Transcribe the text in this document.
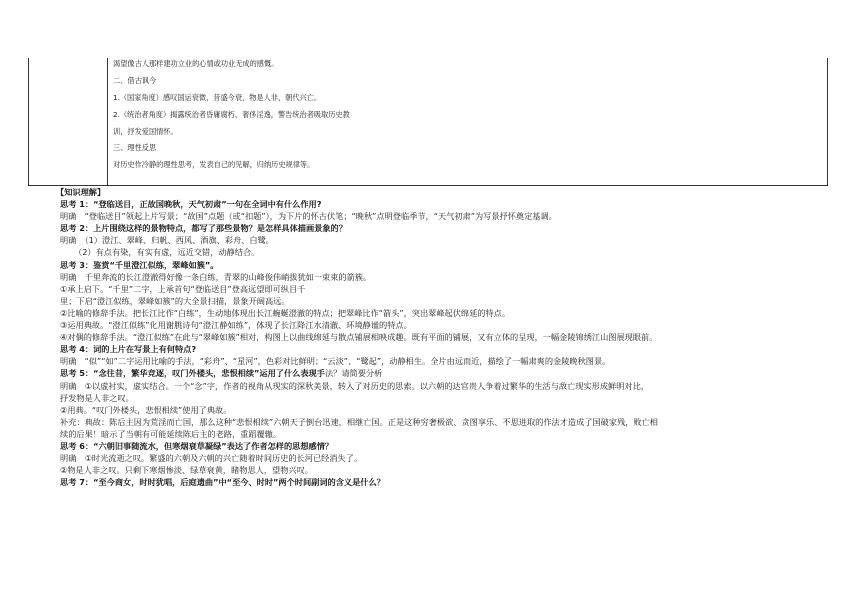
渴望像古人那样建功立业的心情或功业无成的感慨。
二、借古讽今
1.（国家角度）感叹国运衰微，昔盛今衰，物是人非，朝代兴亡。
2.（统治者角度）揭露统治者昏庸腐朽、奢侈淫逸，警告统治者吸取历史教
训，抒发爱国情怀。
三、理性反思
对历史作冷静的理性思考，发表自己的见解，归纳历史规律等。
【知识理解】
思考 1：“登临送目，正故国晚秋，天气初肃”一句在全词中有什么作用?
明确　“登临送目”领起上片写景；“故国”点题（或“扣题”），为下片的怀古伏笔；“晚秋”点明登临季节，“天气初肃”为写景抒怀奠定基调。
思考 2：上片围绕这样的景物特点，都写了那些景物？是怎样具体描画景象的？
明确　（1）澄江、翠峰、归帆、西风、酒旗、彩舟、白鹭。
（2）有点有染，有实有虚，远近交错，动静结合。
思考 3：鉴赏“千里澄江似练，翠峰如簇”。
明确　千里奔流的长江澄澈得好像一条白练，青翠的山峰俊伟峭拔犹如一束束的箭簇。
①承上启下。“千里”二字，上承首句“登临送目”登高远望即可纵目千
里；下启“澄江似练，翠峰如簇”的大全景扫描，景象开阔高远。
②比喻的修辞手法。把长江比作“白练”，生动地体现出长江蜿蜒澄澈的特点；把翠峰比作“箭头”，突出翠峰起伏绵延的特点。
③运用典故。“澄江似练”化用谢朓诗句“澄江静如练”，体现了长江降江水清澈、环境静谧的特点。
④对偶的修辞手法。“澄江似练”在此与“翠峰如簇”相对，构图上以曲线绵延与散点铺展相映成趣。既有平面的铺展，又有立体的呈现，一幅金陵锦绣江山图展现眼前。
思考 4：词的上片在写景上有何特点?
明确　“似”“如”二字运用比喻的手法，“彩舟”、“星河”，色彩对比鲜明；“云淡”、“鹭起”，动静相生。全片由远而近，描绘了一幅肃爽的金陵晚秋图景。
思考 5：“念往昔，繁华竞逐，叹门外楼头，悲恨相续”运用了什么表现手法？请简要分析
明确　①以虚衬实，虚实结合。一个“念”字，作者的视角从现实的深秋美景，转入了对历史的思索。以六朝的达官贵人争着过繁华的生活与敌亡现实形成鲜明对比，
抒发物是人非之叹。
②用典。“叹门外楼头，悲恨相续”使用了典故。
补充：典故：陈后主因为荒淫而亡国，那么这种“悲恨相续”六朝天子倒台迅速，相继亡国。正是这种穷奢极欲、贪图享乐、不思进取的作法才造成了国破家残，败亡相
续的后果！暗示了当朝有可能延续陈后主的老路，重蹈覆辙。
思考 6：“六朝旧事随流水，但寒烟衰草凝绿”表达了作者怎样的思想感情？
明确　①时光流逝之叹。繁盛的六朝及六朝的兴亡随着时间历史的长河已经消失了。
②物是人非之叹。只剩下寒烟惨淡、绿草衰黄，睹物思人，望物兴叹。
思考 7：“至今商女，时时犹唱，后庭遗曲”中“至今、时时”两个时间副词的含义是什么？
